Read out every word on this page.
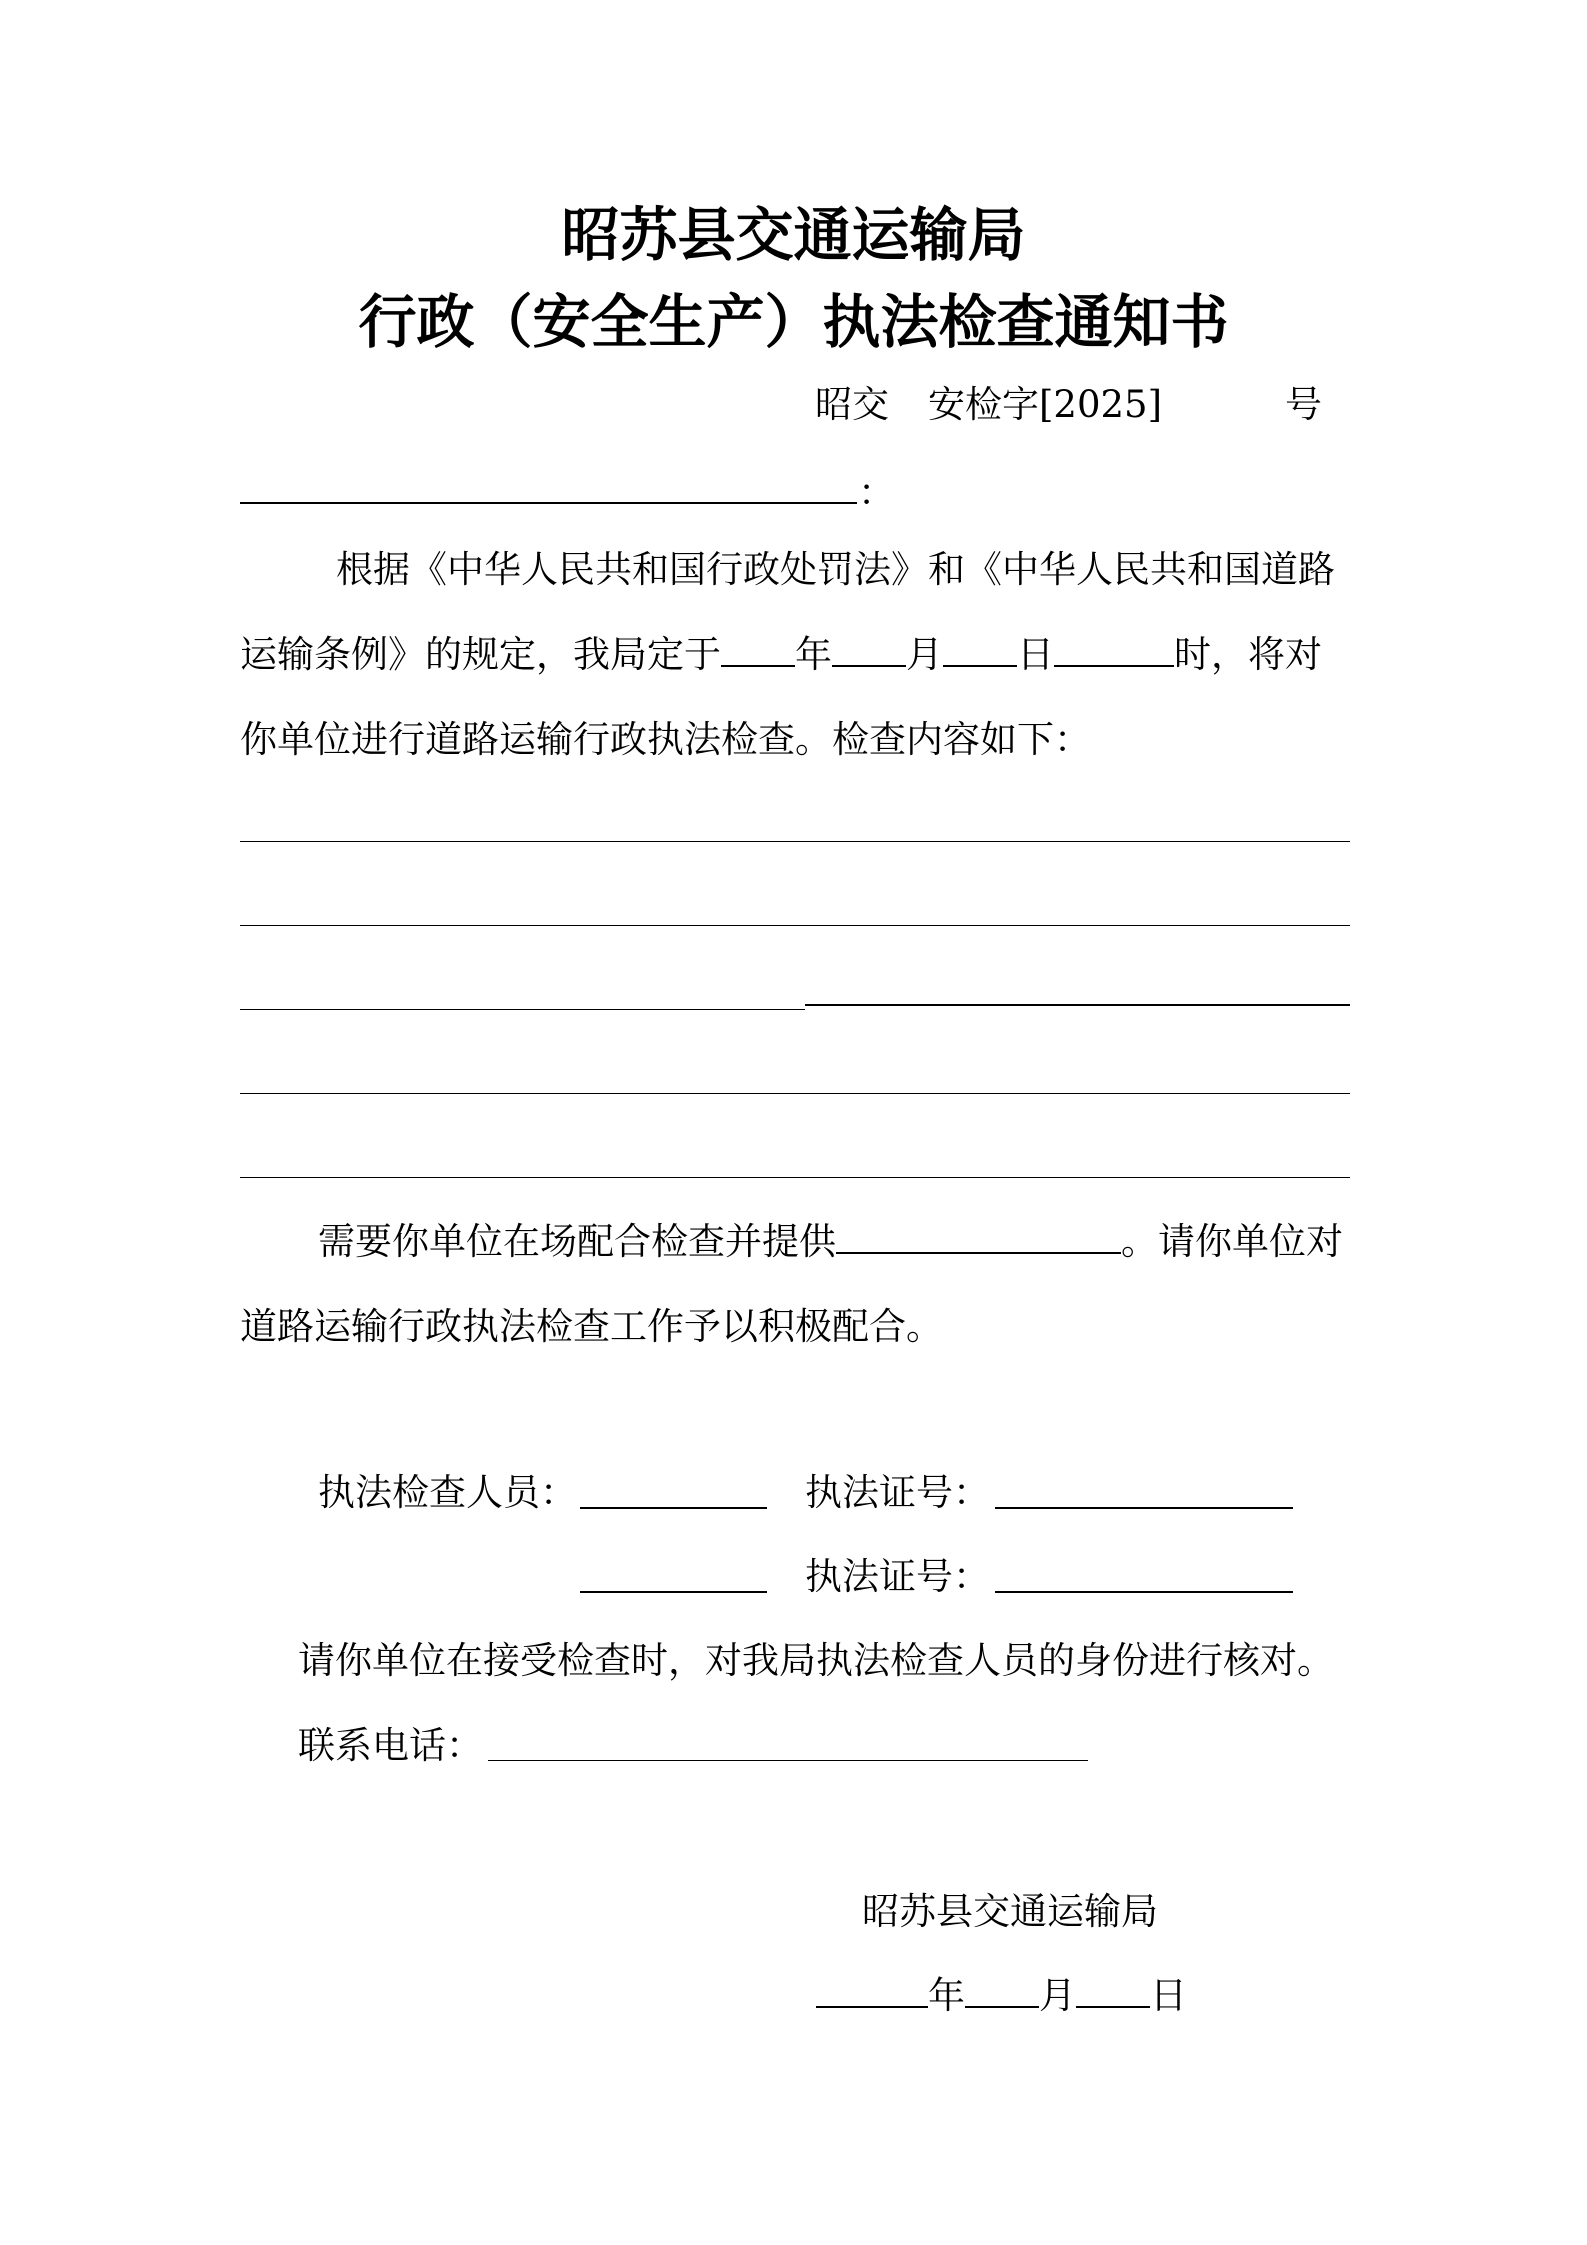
昭苏县交通运输局
行政（安全生产）执法检查通知书
昭交 安检字[2025]	号
：
根据《中华人民共和国行政处罚法》和《中华人民共和国道路
运输条例》的规定，我局定于 年 月 日	时，将对
你单位进行道路运输行政执法检查。检查内容如下：
需要你单位在场配合检查并提供	。请你单位对
道路运输行政执法检查工作予以积极配合。
执法检查人员：	执法证号：
执法证号：
请你单位在接受检查时，对我局执法检查人员的身份进行核对。
联系电话：
昭苏县交通运输局
年 月 日
